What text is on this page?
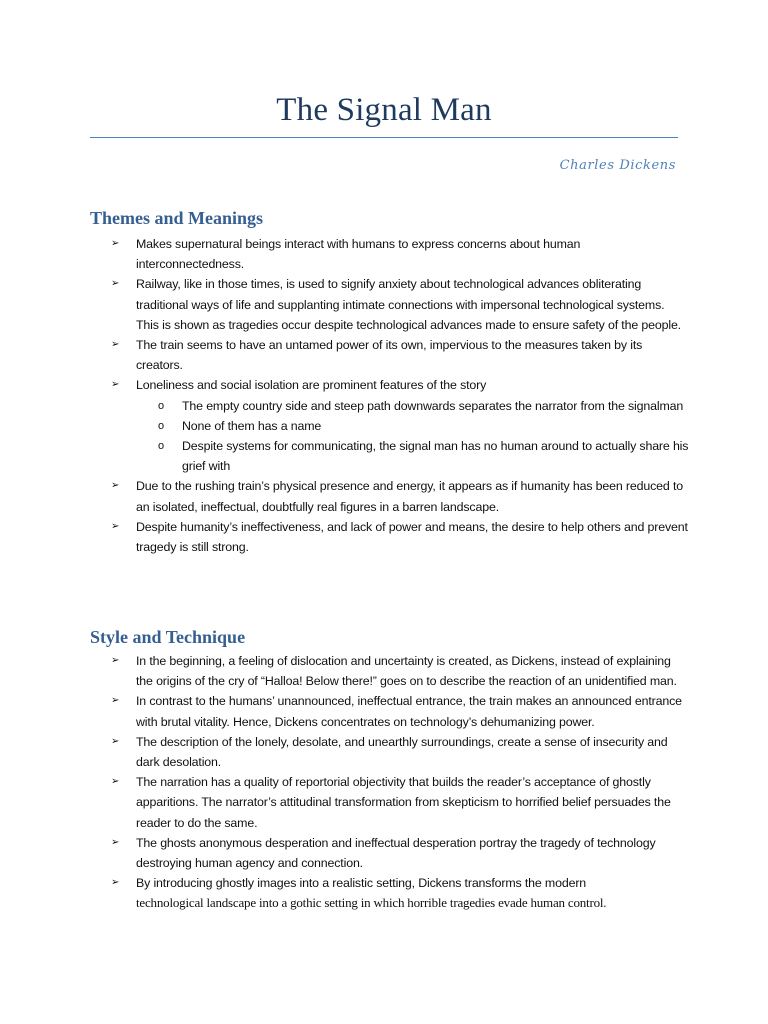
The Signal Man
Charles Dickens
Themes and Meanings
➢ Makes supernatural beings interact with humans to express concerns about human interconnectedness.
➢ Railway, like in those times, is used to signify anxiety about technological advances obliterating traditional ways of life and supplanting intimate connections with impersonal technological systems. This is shown as tragedies occur despite technological advances made to ensure safety of the people.
➢ The train seems to have an untamed power of its own, impervious to the measures taken by its creators.
➢ Loneliness and social isolation are prominent features of the story
o The empty country side and steep path downwards separates the narrator from the signalman
o None of them has a name
o Despite systems for communicating, the signal man has no human around to actually share his grief with
➢ Due to the rushing train’s physical presence and energy, it appears as if humanity has been reduced to an isolated, ineffectual, doubtfully real figures in a barren landscape.
➢ Despite humanity’s ineffectiveness, and lack of power and means, the desire to help others and prevent tragedy is still strong.
Style and Technique
➢ In the beginning, a feeling of dislocation and uncertainty is created, as Dickens, instead of explaining the origins of the cry of “Halloa! Below there!” goes on to describe the reaction of an unidentified man.
➢ In contrast to the humans’ unannounced, ineffectual entrance, the train makes an announced entrance with brutal vitality. Hence, Dickens concentrates on technology’s dehumanizing power.
➢ The description of the lonely, desolate, and unearthly surroundings, create a sense of insecurity and dark desolation.
➢ The narration has a quality of reportorial objectivity that builds the reader’s acceptance of ghostly apparitions. The narrator’s attitudinal transformation from skepticism to horrified belief persuades the reader to do the same.
➢ The ghosts anonymous desperation and ineffectual desperation portray the tragedy of technology destroying human agency and connection.
➢ By introducing ghostly images into a realistic setting, Dickens transforms the modern
technological landscape into a gothic setting in which horrible tragedies evade human control.
